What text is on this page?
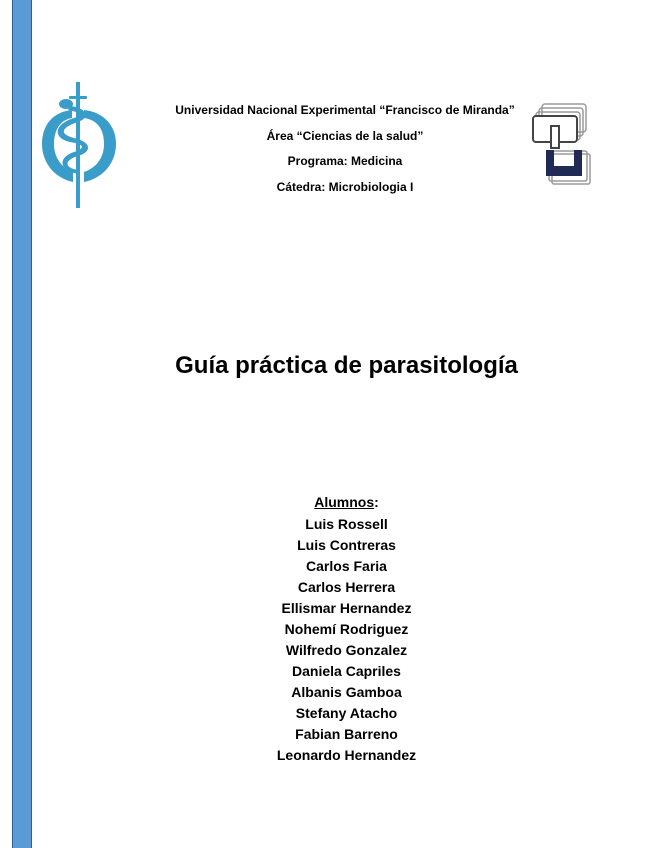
Universidad Nacional Experimental “Francisco de Miranda”
Área “Ciencias de la salud”
Programa: Medicina
Cátedra: Microbiologia I
Guía práctica de parasitología
Alumnos:
Luis Rossell
Luis Contreras
Carlos Faria
Carlos Herrera
Ellismar Hernandez
Nohemí Rodriguez
Wilfredo Gonzalez
Daniela Capriles
Albanis Gamboa
Stefany Atacho
Fabian Barreno
Leonardo Hernandez
